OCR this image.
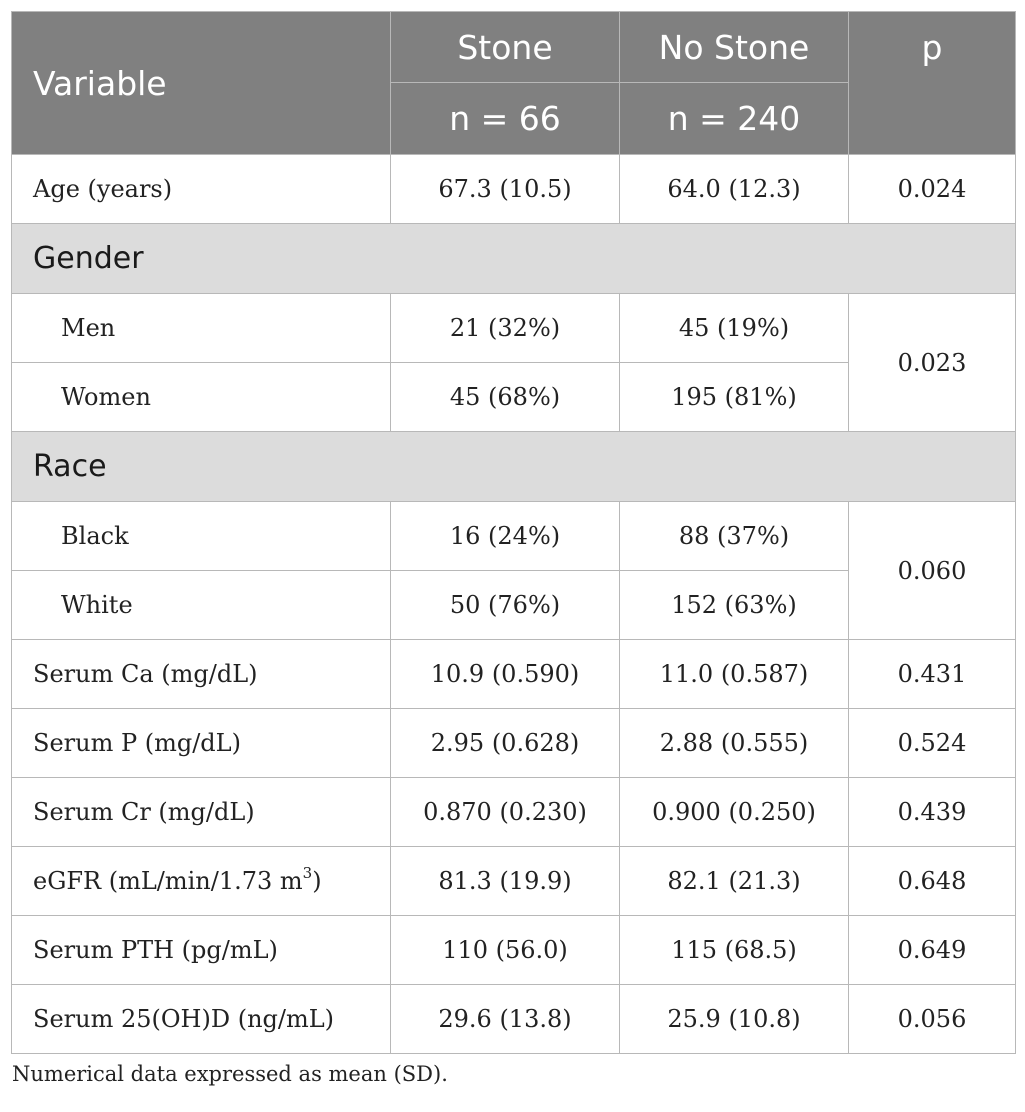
Variable	Stone	No Stone	p
	n = 66	n = 240	
Age (years)	67.3 (10.5)	64.0 (12.3)	0.024
Gender			
Men	21 (32%)	45 (19%)	0.023
Women	45 (68%)	195 (81%)	
Race			
Black	16 (24%)	88 (37%)	0.060
White	50 (76%)	152 (63%)	
Serum Ca (mg/dL)	10.9 (0.590)	11.0 (0.587)	0.431
Serum P (mg/dL)	2.95 (0.628)	2.88 (0.555)	0.524
Serum Cr (mg/dL)	0.870 (0.230)	0.900 (0.250)	0.439
eGFR (mL/min/1.73 $m^3$)	81.3 (19.9)	82.1 (21.3)	0.648
Serum PTH (pg/mL)	110 (56.0)	115 (68.5)	0.649
Serum 25(OH)D (ng/mL)	29.6 (13.8)	25.9 (10.8)	0.056
Numerical data expressed as mean (SD).
